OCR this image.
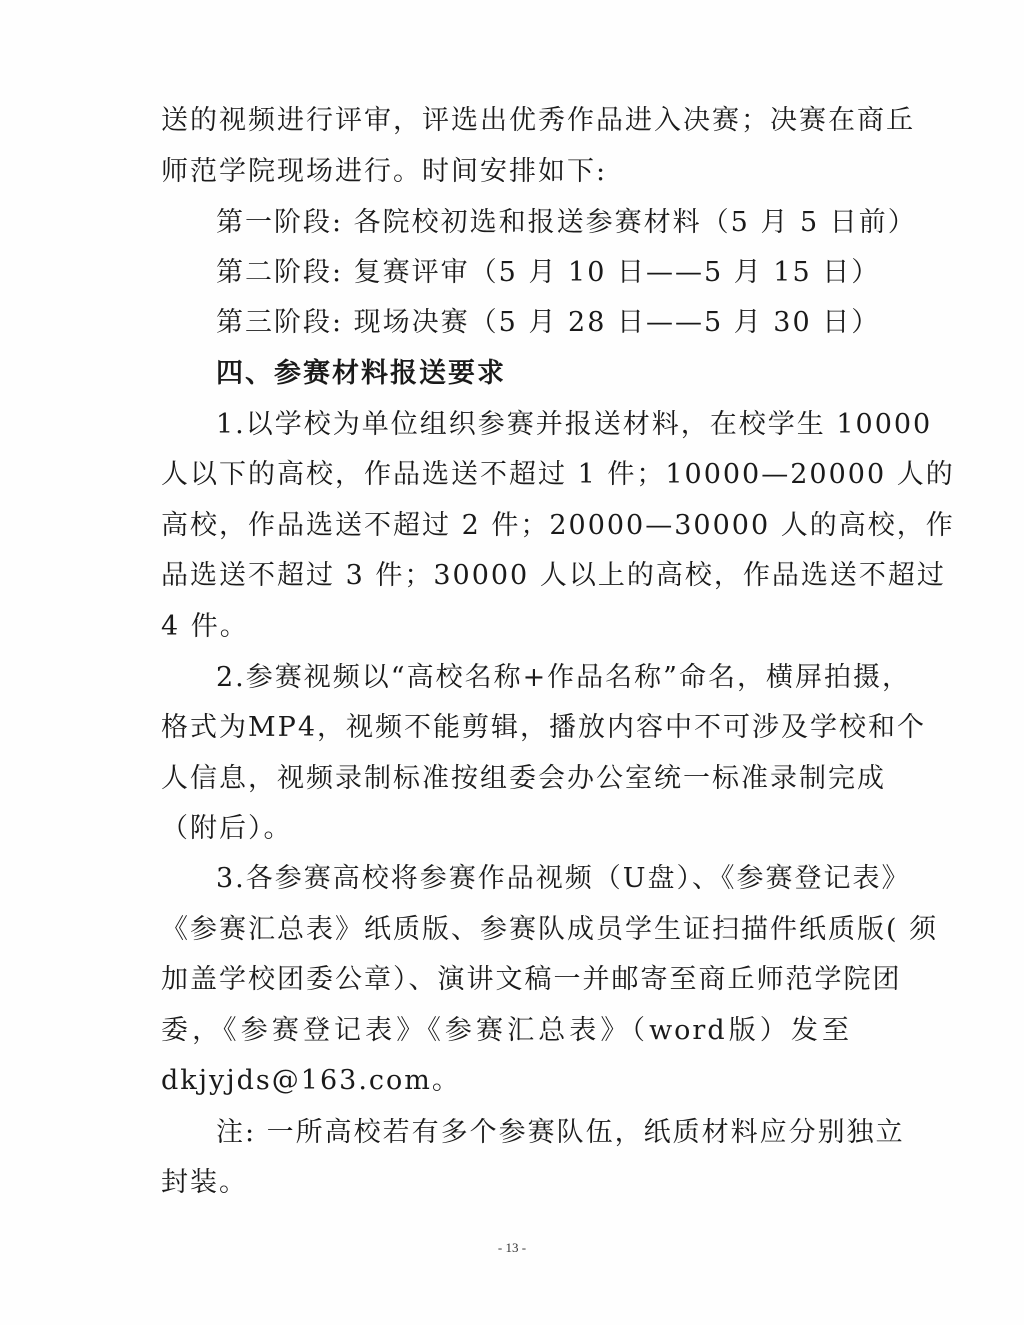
送的视频进行评审，评选出优秀作品进入决赛；决赛在商丘
师范学院现场进行。时间安排如下:
第一阶段: 各院校初选和报送参赛材料（5 月 5 日前）
第二阶段: 复赛评审（5 月 10 日——5 月 15 日）
第三阶段: 现场决赛（5 月 28 日——5 月 30 日）
四、参赛材料报送要求
1.以学校为单位组织参赛并报送材料，在校学生 10000
人以下的高校，作品选送不超过 1 件；10000—20000 人的
高校，作品选送不超过 2 件；20000—30000 人的高校，作
品选送不超过 3 件；30000 人以上的高校，作品选送不超过
4 件。
2.参赛视频以“高校名称+作品名称”命名，横屏拍摄，
格式为MP4，视频不能剪辑，播放内容中不可涉及学校和个
人信息，视频录制标准按组委会办公室统一标准录制完成
（附后）。
3.各参赛高校将参赛作品视频（U盘）、《参赛登记表》
《参赛汇总表》纸质版、参赛队成员学生证扫描件纸质版( 须
加盖学校团委公章）、演讲文稿一并邮寄至商丘师范学院团
委，《参赛登记表》《参赛汇总表》（word版）发至
dkjyjds@163.com。
注: 一所高校若有多个参赛队伍，纸质材料应分别独立
封装。
- 13 -
